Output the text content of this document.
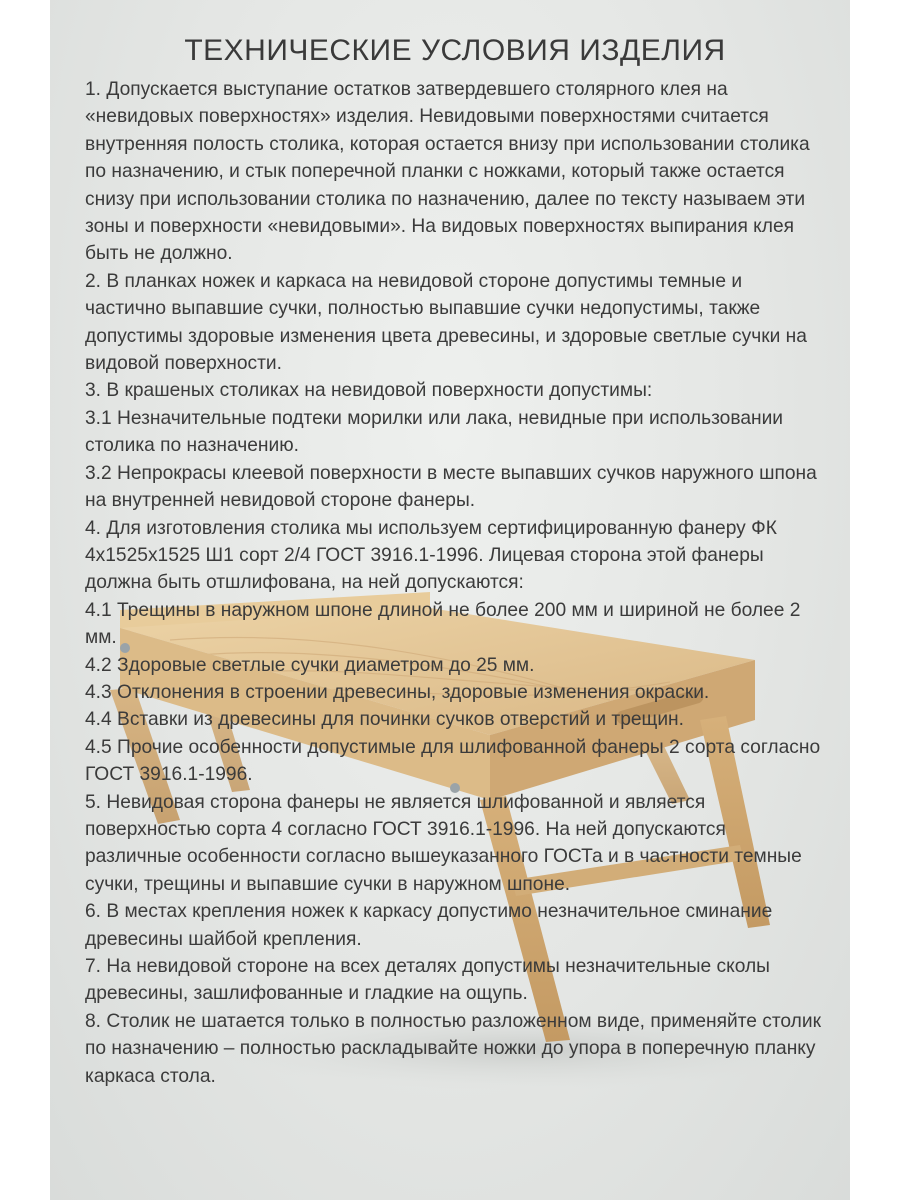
ТЕХНИЧЕСКИЕ УСЛОВИЯ ИЗДЕЛИЯ

1. Допускается выступание остатков затвердевшего столярного клея на «невидовых поверхностях» изделия. Невидовыми поверхностями считается внутренняя полость столика, которая остается внизу при использовании столика по назначению, и стык поперечной планки с ножками, который также остается снизу при использовании столика по назначению, далее по тексту называем эти зоны и поверхности «невидовыми». На видовых поверхностях выпирания клея быть не должно.

2. В планках ножек и каркаса на невидовой стороне допустимы темные и частично выпавшие сучки, полностью выпавшие сучки недопустимы, также допустимы здоровые изменения цвета древесины, и здоровые светлые сучки на видовой поверхности.

3. В крашеных столиках на невидовой поверхности допустимы:

3.1 Незначительные подтеки морилки или лака, невидные при использовании столика по назначению.

3.2 Непрокрасы клеевой поверхности в месте выпавших сучков наружного шпона на внутренней невидовой стороне фанеры.

4. Для изготовления столика мы используем сертифицированную фанеру ФК 4х1525х1525 Ш1 сорт 2/4 ГОСТ 3916.1-1996. Лицевая сторона этой фанеры должна быть отшлифована, на ней допускаются:

4.1 Трещины в наружном шпоне длиной не более 200 мм и шириной не более 2 мм.

4.2 Здоровые светлые сучки диаметром до 25 мм.

4.3 Отклонения в строении древесины, здоровые изменения окраски.

4.4 Вставки из древесины для починки сучков отверстий и трещин.

4.5 Прочие особенности допустимые для шлифованной фанеры 2 сорта согласно ГОСТ 3916.1-1996.

5. Невидовая сторона фанеры не является шлифованной и является поверхностью сорта 4 согласно ГОСТ 3916.1-1996. На ней допускаются различные особенности согласно вышеуказанного ГОСТа и в частности темные сучки, трещины и выпавшие сучки в наружном шпоне.

6. В местах крепления ножек к каркасу допустимо незначительное сминание древесины шайбой крепления.

7. На невидовой стороне на всех деталях допустимы незначительные сколы древесины, зашлифованные и гладкие на ощупь.

8. Столик не шатается только в полностью разложенном виде, применяйте столик по назначению – полностью раскладывайте ножки до упора в поперечную планку каркаса стола.
